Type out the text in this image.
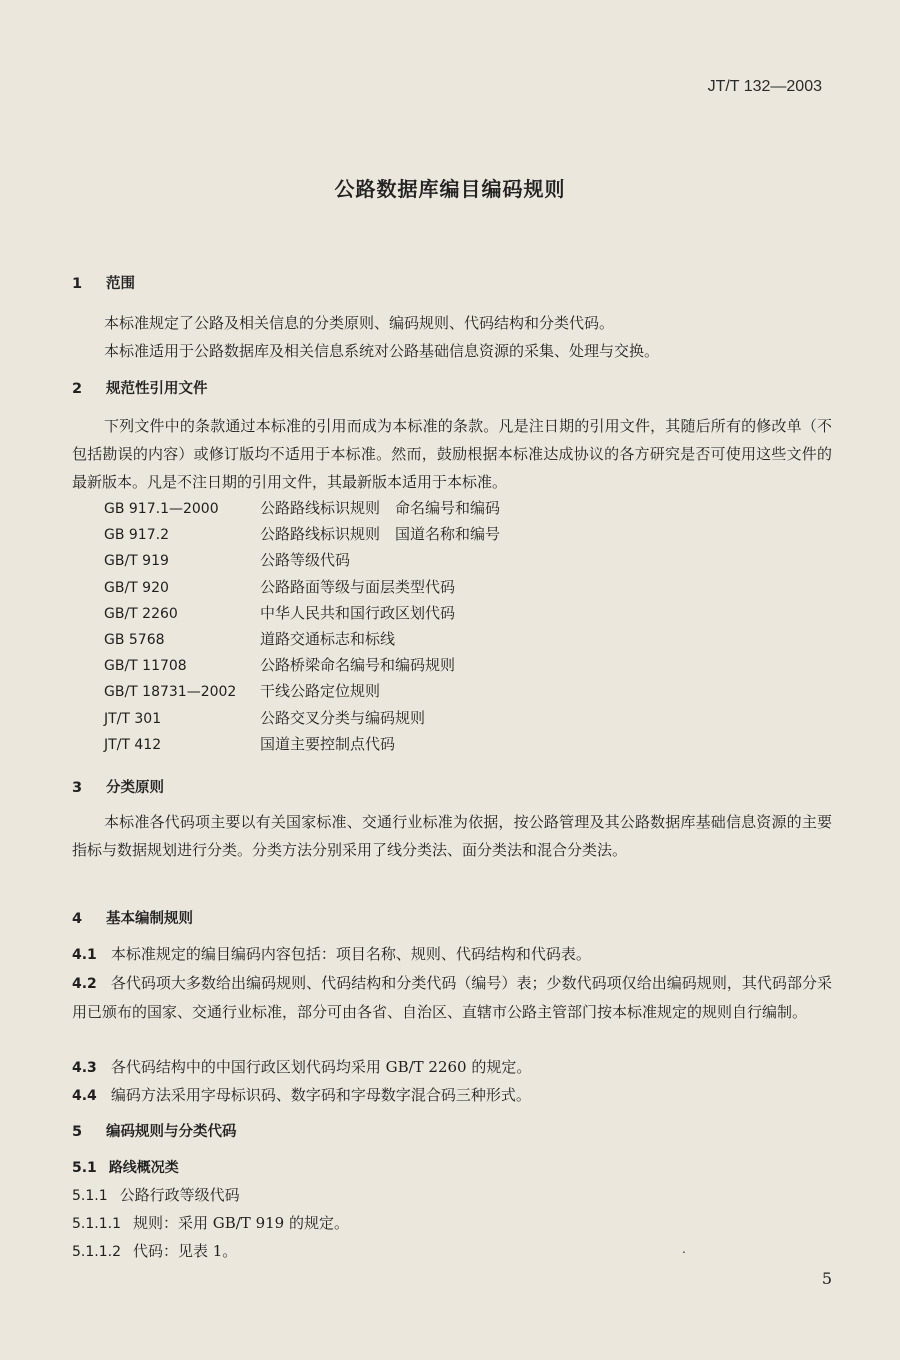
JT/T 132—2003
公路数据库编目编码规则
1 范围
本标准规定了公路及相关信息的分类原则、编码规则、代码结构和分类代码。
本标准适用于公路数据库及相关信息系统对公路基础信息资源的采集、处理与交换。
2 规范性引用文件
下列文件中的条款通过本标准的引用而成为本标准的条款。凡是注日期的引用文件，其随后所有的修改单（不包括勘误的内容）或修订版均不适用于本标准。然而，鼓励根据本标准达成协议的各方研究是否可使用这些文件的最新版本。凡是不注日期的引用文件，其最新版本适用于本标准。
GB 917.1—2000	公路路线标识规则　命名编号和编码
GB 917.2	公路路线标识规则　国道名称和编号
GB/T 919	公路等级代码
GB/T 920	公路路面等级与面层类型代码
GB/T 2260	中华人民共和国行政区划代码
GB 5768	道路交通标志和标线
GB/T 11708	公路桥梁命名编号和编码规则
GB/T 18731—2002 干线公路定位规则
JT/T 301	公路交叉分类与编码规则
JT/T 412	国道主要控制点代码
3 分类原则
本标准各代码项主要以有关国家标准、交通行业标准为依据，按公路管理及其公路数据库基础信息资源的主要指标与数据规划进行分类。分类方法分别采用了线分类法、面分类法和混合分类法。
4 基本编制规则
4.1 本标准规定的编目编码内容包括：项目名称、规则、代码结构和代码表。
4.2 各代码项大多数给出编码规则、代码结构和分类代码（编号）表；少数代码项仅给出编码规则，其代码部分采用已颁布的国家、交通行业标准，部分可由各省、自治区、直辖市公路主管部门按本标准规定的规则自行编制。
4.3 各代码结构中的中国行政区划代码均采用 GB/T 2260 的规定。
4.4 编码方法采用字母标识码、数字码和字母数字混合码三种形式。
5 编码规则与分类代码
5.1 路线概况类
5.1.1 公路行政等级代码
5.1.1.1 规则：采用 GB/T 919 的规定。
5.1.1.2 代码：见表 1。	.
5
